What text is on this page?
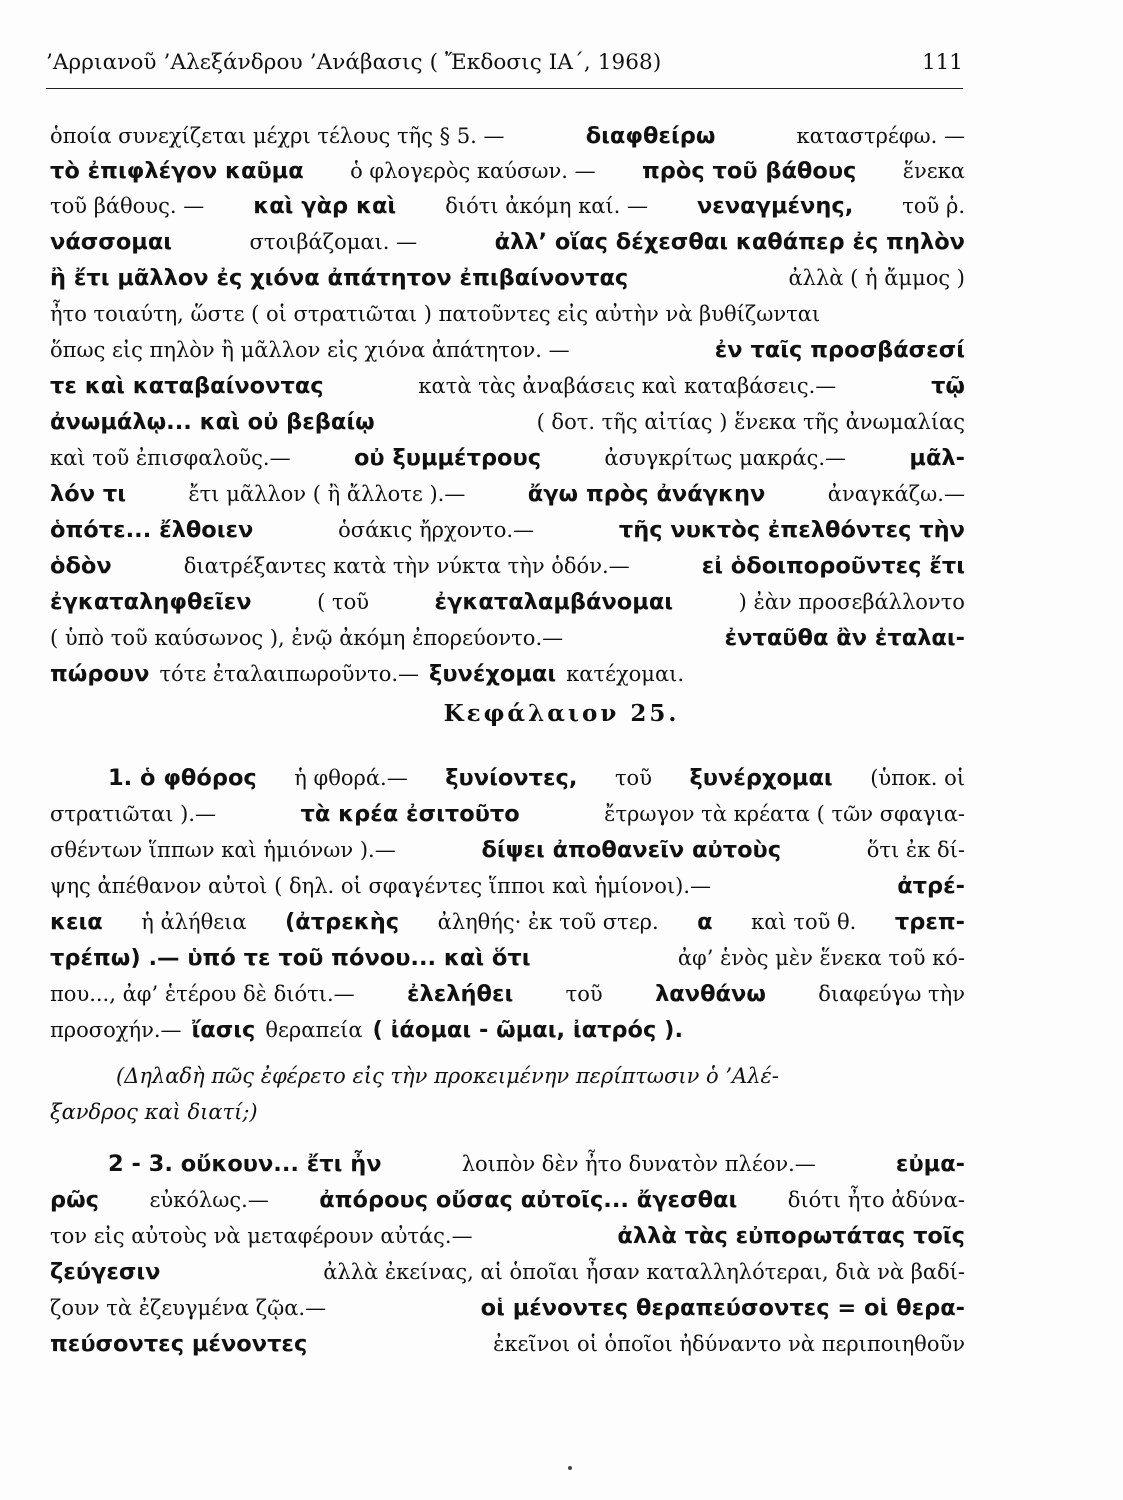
’Αρριανοῦ ’Αλεξάνδρου ’Ανάβασις ( Ἔκδοσις ΙΑ΄, 1968)	111
ὁποία συνεχίζεται μέχρι τέλους τῆς § 5. —	διαφθείρω	καταστρέφω. —
τὸ ἐπιφλέγον καῦμα ὁ φλογερὸς καύσων. — πρὸς τοῦ βάθους ἕνεκα
τοῦ βάθους. — καὶ γὰρ καὶ διότι ἀκόμη καί. — νεναγμένης, τοῦ ῥ.
νάσσομαι	στοιβάζομαι. —	ἀλλ’ οἵας δέχεσθαι καθάπερ ἐς πηλὸν
ἢ ἔτι μᾶλλον ἐς χιόνα ἀπάτητον ἐπιβαίνοντας	ἀλλὰ ( ἡ ἄμμος )
ἦτο τοιαύτη, ὥστε ( οἱ στρατιῶται ) πατοῦντες εἰς αὐτὴν νὰ βυθίζωνται
ὅπως εἰς πηλὸν ἢ μᾶλλον εἰς χιόνα ἀπάτητον. —	ἐν ταῖς προσβάσεσί
τε καὶ καταβαίνοντας	κατὰ τὰς ἀναβάσεις καὶ καταβάσεις.—	τῷ
ἀνωμάλῳ... καὶ οὐ βεβαίῳ	( δοτ. τῆς αἰτίας ) ἕνεκα τῆς ἀνωμαλίας
καὶ τοῦ ἐπισφαλοῦς.—	οὐ ξυμμέτρους	ἀσυγκρίτως μακράς.—	μᾶλ-
λόν τι	ἔτι μᾶλλον ( ἢ ἄλλοτε ).—	ἄγω πρὸς ἀνάγκην	ἀναγκάζω.—
ὁπότε... ἔλθοιεν	ὁσάκις ἤρχοντο.—	τῆς νυκτὸς ἐπελθόντες τὴν
ὁδὸν	διατρέξαντες κατὰ τὴν νύκτα τὴν ὁδόν.—	εἰ ὁδοιποροῦντες ἔτι
ἐγκαταληφθεῖεν	( τοῦ	ἐγκαταλαμβάνομαι	) ἐὰν προσεβάλλοντο
( ὑπὸ τοῦ καύσωνος ), ἐνῷ ἀκόμη ἐπορεύοντο.—	ἐνταῦθα ἂν ἐταλαι-
πώρουν τότε ἐταλαιπωροῦντο.— ξυνέχομαι κατέχομαι.
1. ὁ φθόρος ἡ φθορά.— ξυνίοντες, τοῦ ξυνέρχομαι (ὑποκ. οἱ
στρατιῶται ).—	τὰ κρέα ἐσιτοῦτο	ἔτρωγον τὰ κρέατα ( τῶν σφαγια-
σθέντων ἵππων καὶ ἡμιόνων ).—	δίψει ἀποθανεῖν αὐτοὺς	ὅτι ἐκ δί-
ψης ἀπέθανον αὐτοὶ ( δηλ. οἱ σφαγέντες ἵπποι καὶ ἡμίονοι).—	ἀτρέ-
κεια ἡ ἀλήθεια (ἀτρεκὴς ἀληθής· ἐκ τοῦ στερ. α καὶ τοῦ θ. τρεπ-
τρέπω) .— ὑπό τε τοῦ πόνου... καὶ ὅτι	ἀφ’ ἑνὸς μὲν ἕνεκα τοῦ κό-
που..., ἀφ’ ἑτέρου δὲ διότι.— ἐλελήθει τοῦ λανθάνω διαφεύγω τὴν
προσοχήν.— ἴασις θεραπεία ( ἰάομαι - ῶμαι, ἰατρός ).
(Δηλαδὴ πῶς ἐφέρετο εἰς τὴν προκειμένην περίπτωσιν ὁ ’Αλέ-
ξανδρος καὶ διατί;)
2 - 3. οὔκουν... ἔτι ἦν	λοιπὸν δὲν ἦτο δυνατὸν πλέον.—	εὐμα-
ρῶς εὐκόλως.— ἀπόρους οὔσας αὐτοῖς... ἄγεσθαι διότι ἦτο ἀδύνα-
τον εἰς αὐτοὺς νὰ μεταφέρουν αὐτάς.—	ἀλλὰ τὰς εὐπορωτάτας τοῖς
ζεύγεσιν	ἀλλὰ ἐκείνας, αἱ ὁποῖαι ἦσαν καταλληλότεραι, διὰ νὰ βαδί-
ζουν τὰ ἐζευγμένα ζῷα.—	οἱ μένοντες θεραπεύσοντες = οἱ θερα-
πεύσοντες μένοντες	ἐκεῖνοι οἱ ὁποῖοι ἠδύναντο νὰ περιποιηθοῦν
Κεφάλαιον 25.
